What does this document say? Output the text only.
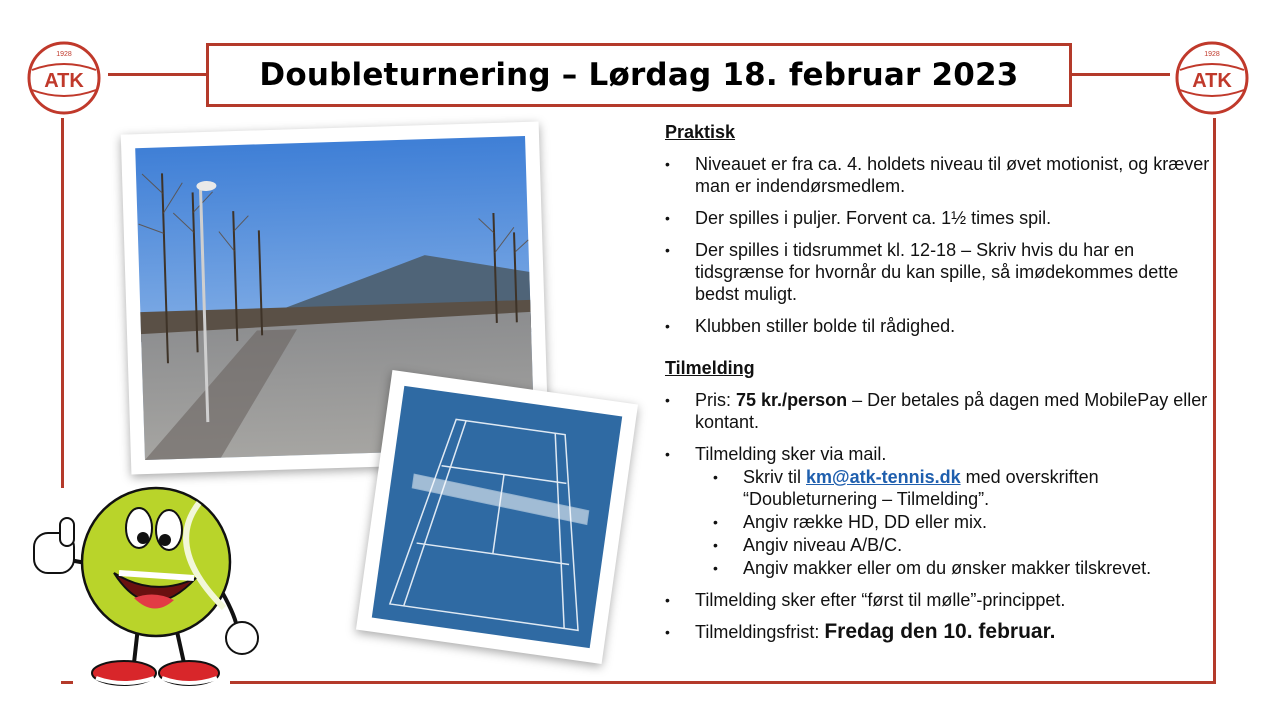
1928
ATK
1928
ATK
Doubleturnering – Lørdag 18. februar 2023

Praktisk

• Niveauet er fra ca. 4. holdets niveau til øvet motionist, og kræver man er indendørsmedlem.
• Der spilles i puljer. Forvent ca. 1½ times spil.
• Der spilles i tidsrummet kl. 12-18 – Skriv hvis du har en tidsgrænse for hvornår du kan spille, så imødekommes dette bedst muligt.
• Klubben stiller bolde til rådighed.

Tilmelding

• Pris: 75 kr./person – Der betales på dagen med MobilePay eller kontant.
• Tilmelding sker via mail.
• Skriv til km@atk-tennis.dk med overskriften “Doubleturnering – Tilmelding”.
• Angiv række HD, DD eller mix.
• Angiv niveau A/B/C.
• Angiv makker eller om du ønsker makker tilskrevet.
• Tilmelding sker efter “først til mølle”-princippet.
• Tilmeldingsfrist: Fredag den 10. februar.
